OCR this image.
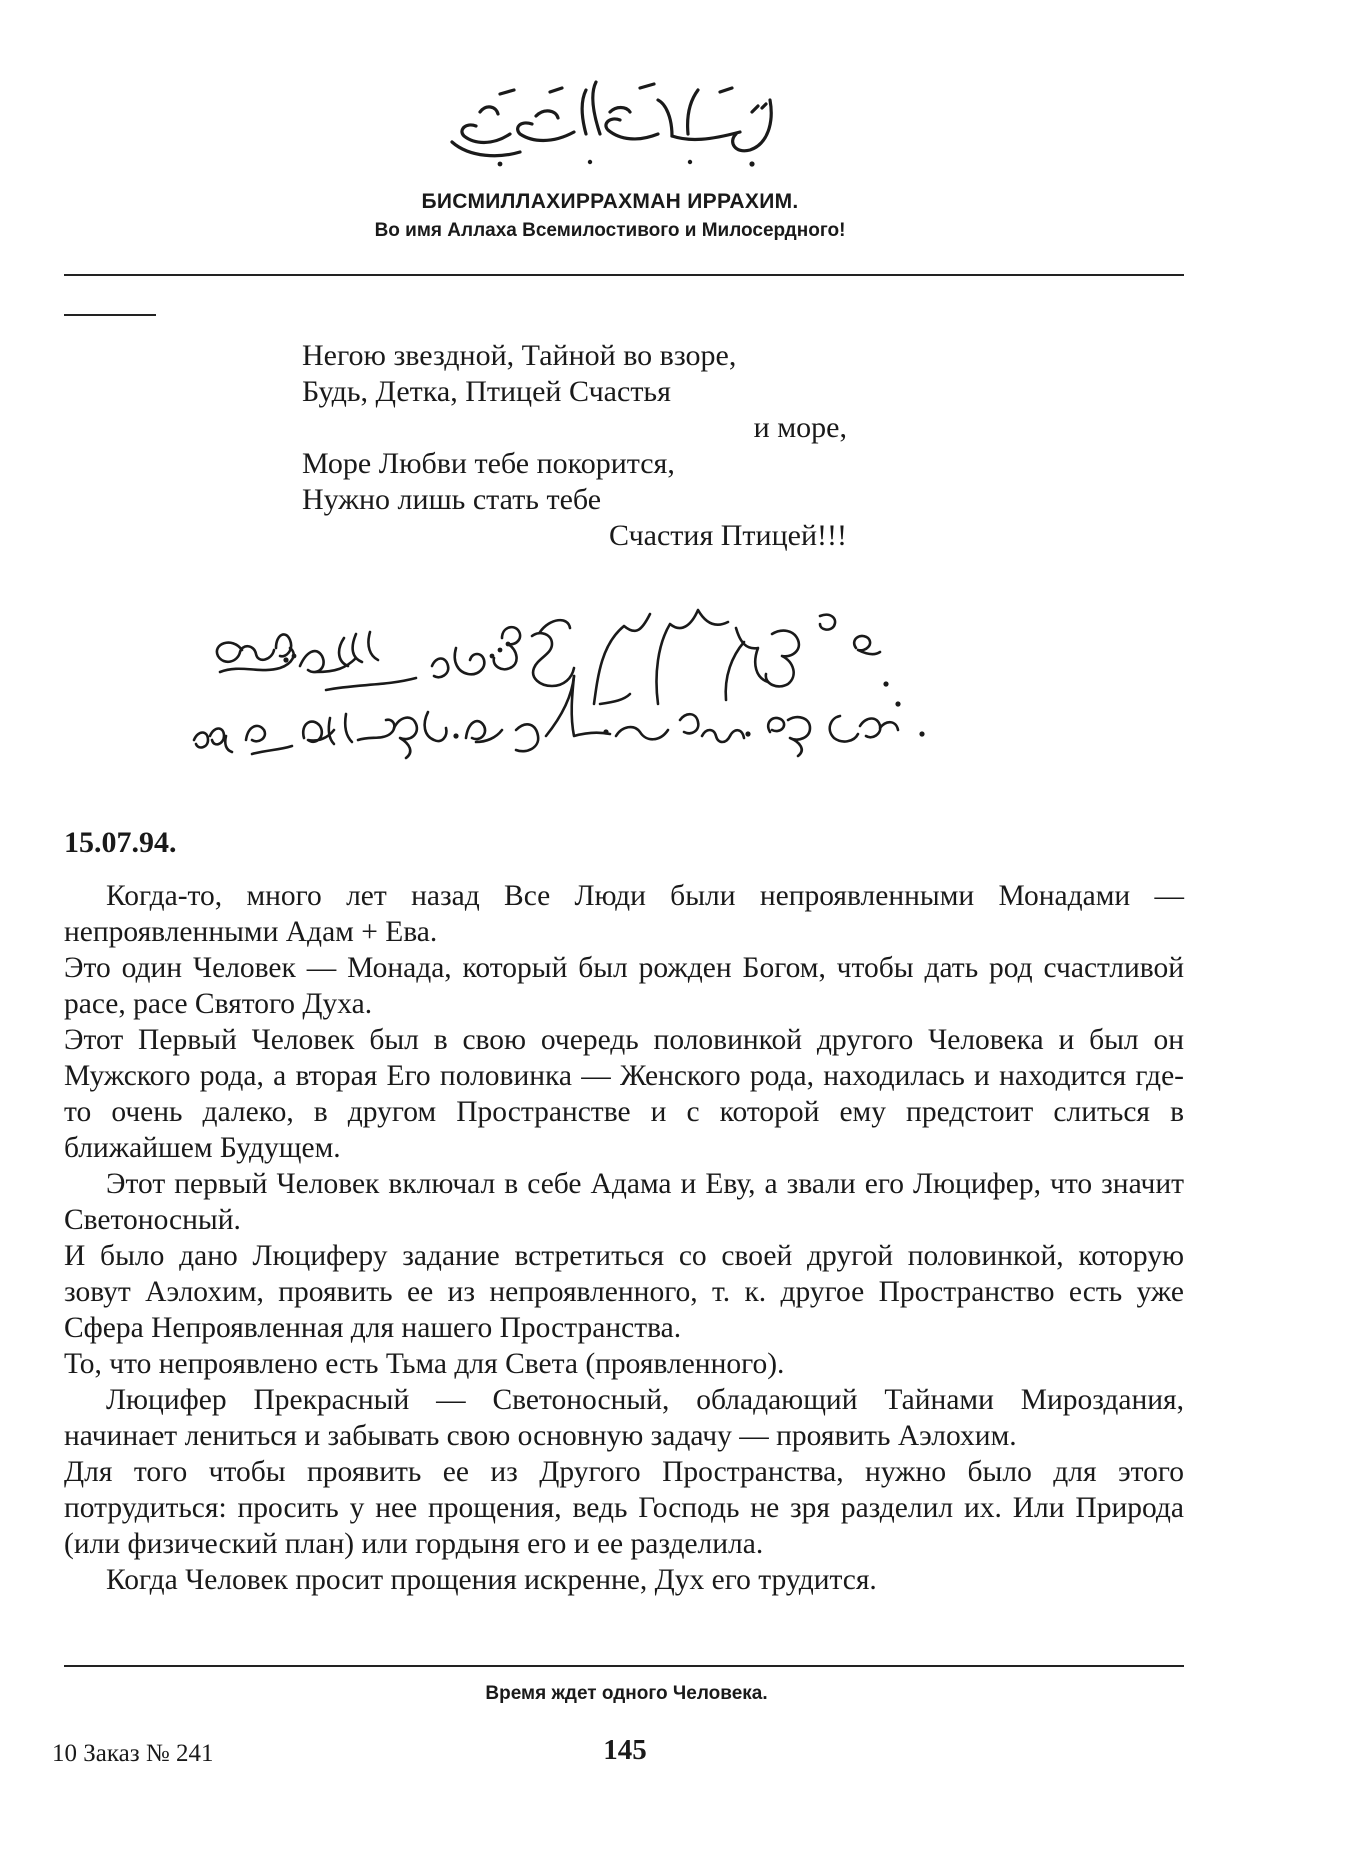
БИСМИЛЛАХИРРАХМАН ИРРАХИМ.
Во имя Аллаха Всемилостивого и Милосердного!
Негою звездной, Тайной во взоре,
Будь, Детка, Птицей Счастья
и море,
Море Любви тебе покорится,
Нужно лишь стать тебе
Счастия Птицей!!!
15.07.94.

Когда-то, много лет назад Все Люди были непроявленными Монадами — непроявленными Адам + Ева.

Это один Человек — Монада, который был рожден Богом, чтобы дать род счастливой расе, расе Святого Духа.

Этот Первый Человек был в свою очередь половинкой другого Человека и был он Мужского рода, а вторая Его половинка — Женского рода, находилась и находится где-то очень далеко, в другом Пространстве и с которой ему предстоит слиться в ближайшем Будущем.

Этот первый Человек включал в себе Адама и Еву, а звали его Люцифер, что значит Светоносный.

И было дано Люциферу задание встретиться со своей другой половинкой, которую зовут Аэлохим, проявить ее из непроявленного, т. к. другое Пространство есть уже Сфера Непроявленная для нашего Пространства.

То, что непроявлено есть Тьма для Света (проявленного).

Люцифер Прекрасный — Светоносный, обладающий Тайнами Мироздания, начинает лениться и забывать свою основную задачу — проявить Аэлохим.

Для того чтобы проявить ее из Другого Пространства, нужно было для этого потрудиться: просить у нее прощения, ведь Господь не зря разделил их. Или Природа (или физический план) или гордыня его и ее разделила.

Когда Человек просит прощения искренне, Дух его трудится.

Время ждет одного Человека.
10 Заказ № 241	145
